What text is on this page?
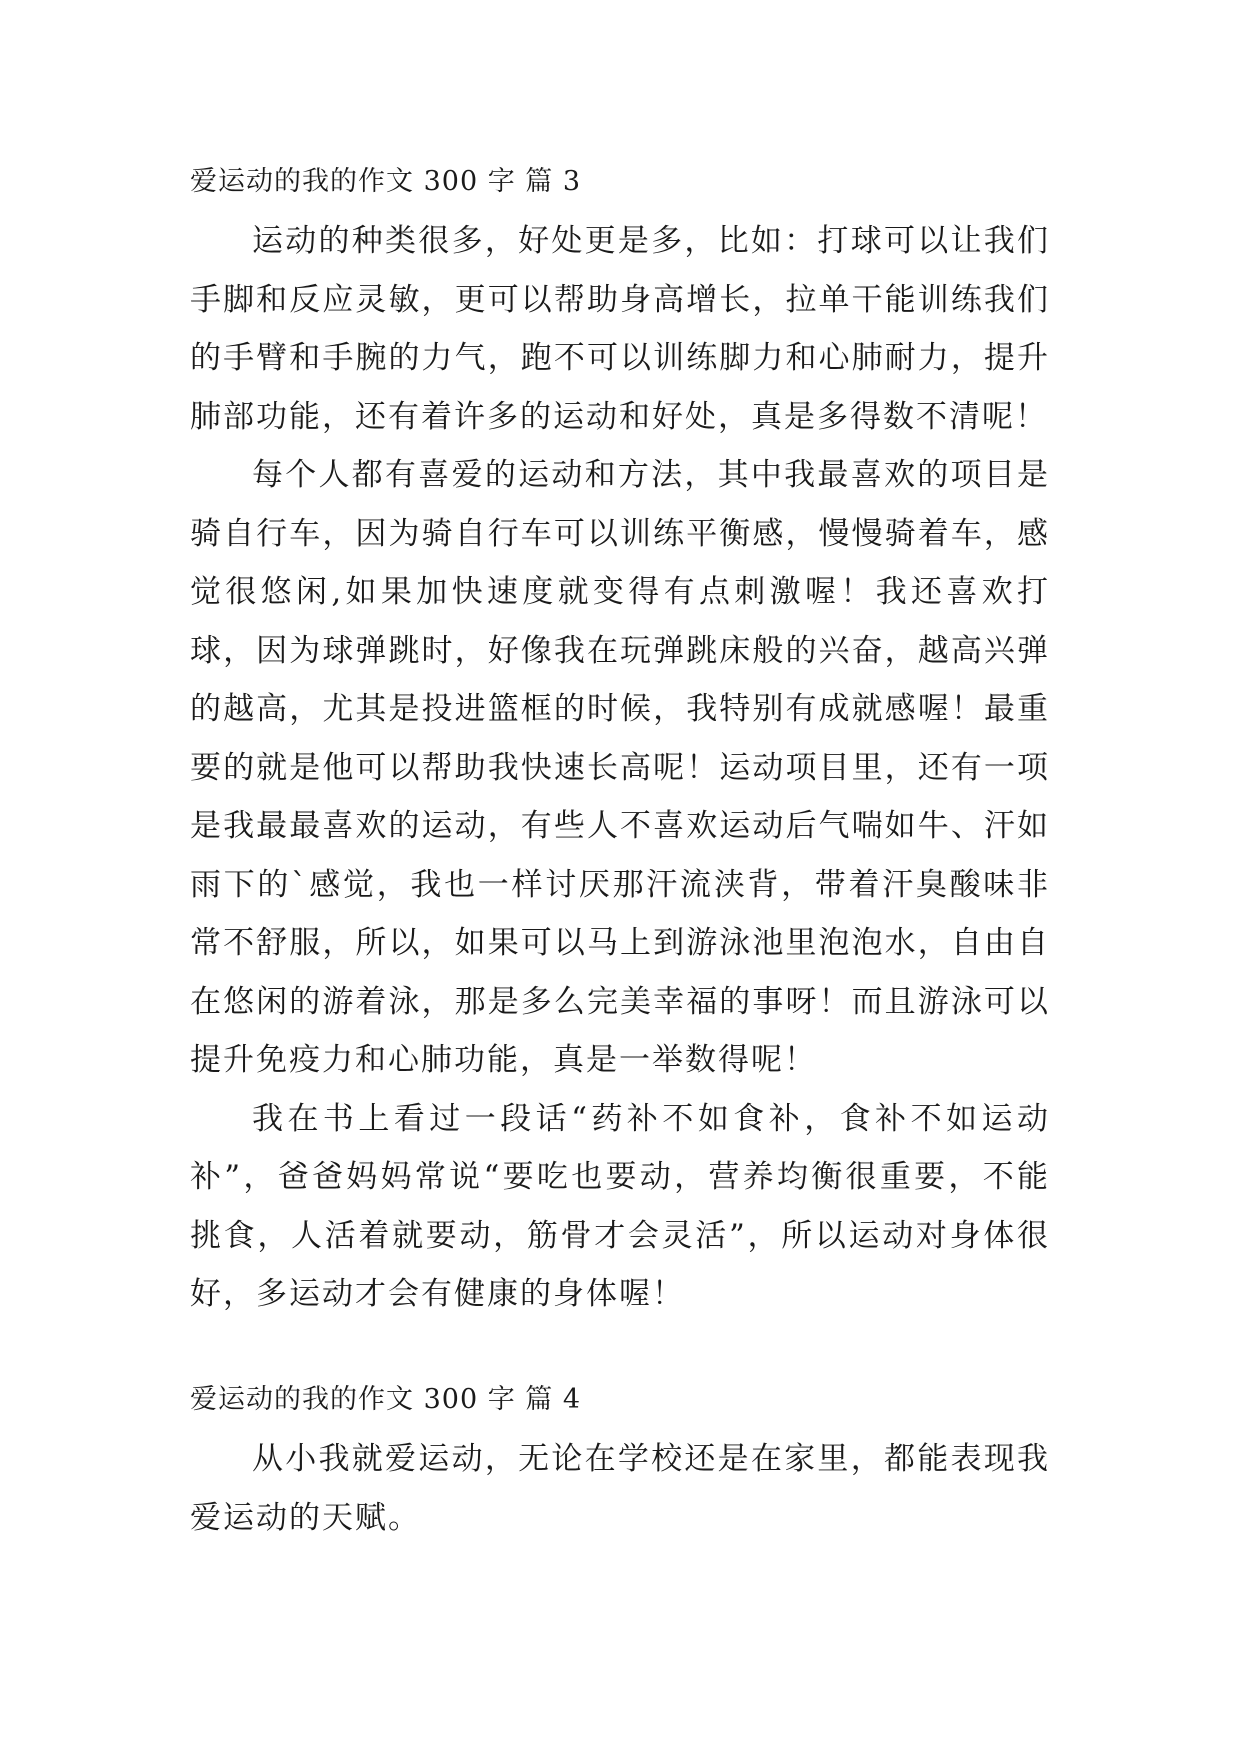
爱运动的我的作文 300 字 篇 3

运动的种类很多，好处更是多，比如：打球可以让我们手脚和反应灵敏，更可以帮助身高增长，拉单干能训练我们的手臂和手腕的力气，跑不可以训练脚力和心肺耐力，提升肺部功能，还有着许多的运动和好处，真是多得数不清呢！

每个人都有喜爱的运动和方法，其中我最喜欢的项目是骑自行车，因为骑自行车可以训练平衡感，慢慢骑着车，感觉很悠闲,如果加快速度就变得有点刺激喔！我还喜欢打球，因为球弹跳时，好像我在玩弹跳床般的兴奋，越高兴弹的越高，尤其是投进篮框的时候，我特别有成就感喔！最重要的就是他可以帮助我快速长高呢！运动项目里，还有一项是我最最喜欢的运动，有些人不喜欢运动后气喘如牛、汗如雨下的`感觉，我也一样讨厌那汗流浃背，带着汗臭酸味非常不舒服，所以，如果可以马上到游泳池里泡泡水，自由自在悠闲的游着泳，那是多么完美幸福的事呀！而且游泳可以提升免疫力和心肺功能，真是一举数得呢！

我在书上看过一段话“药补不如食补，食补不如运动补”，爸爸妈妈常说“要吃也要动，营养均衡很重要，不能挑食，人活着就要动，筋骨才会灵活”，所以运动对身体很好，多运动才会有健康的身体喔！

爱运动的我的作文 300 字 篇 4

从小我就爱运动，无论在学校还是在家里，都能表现我爱运动的天赋。
